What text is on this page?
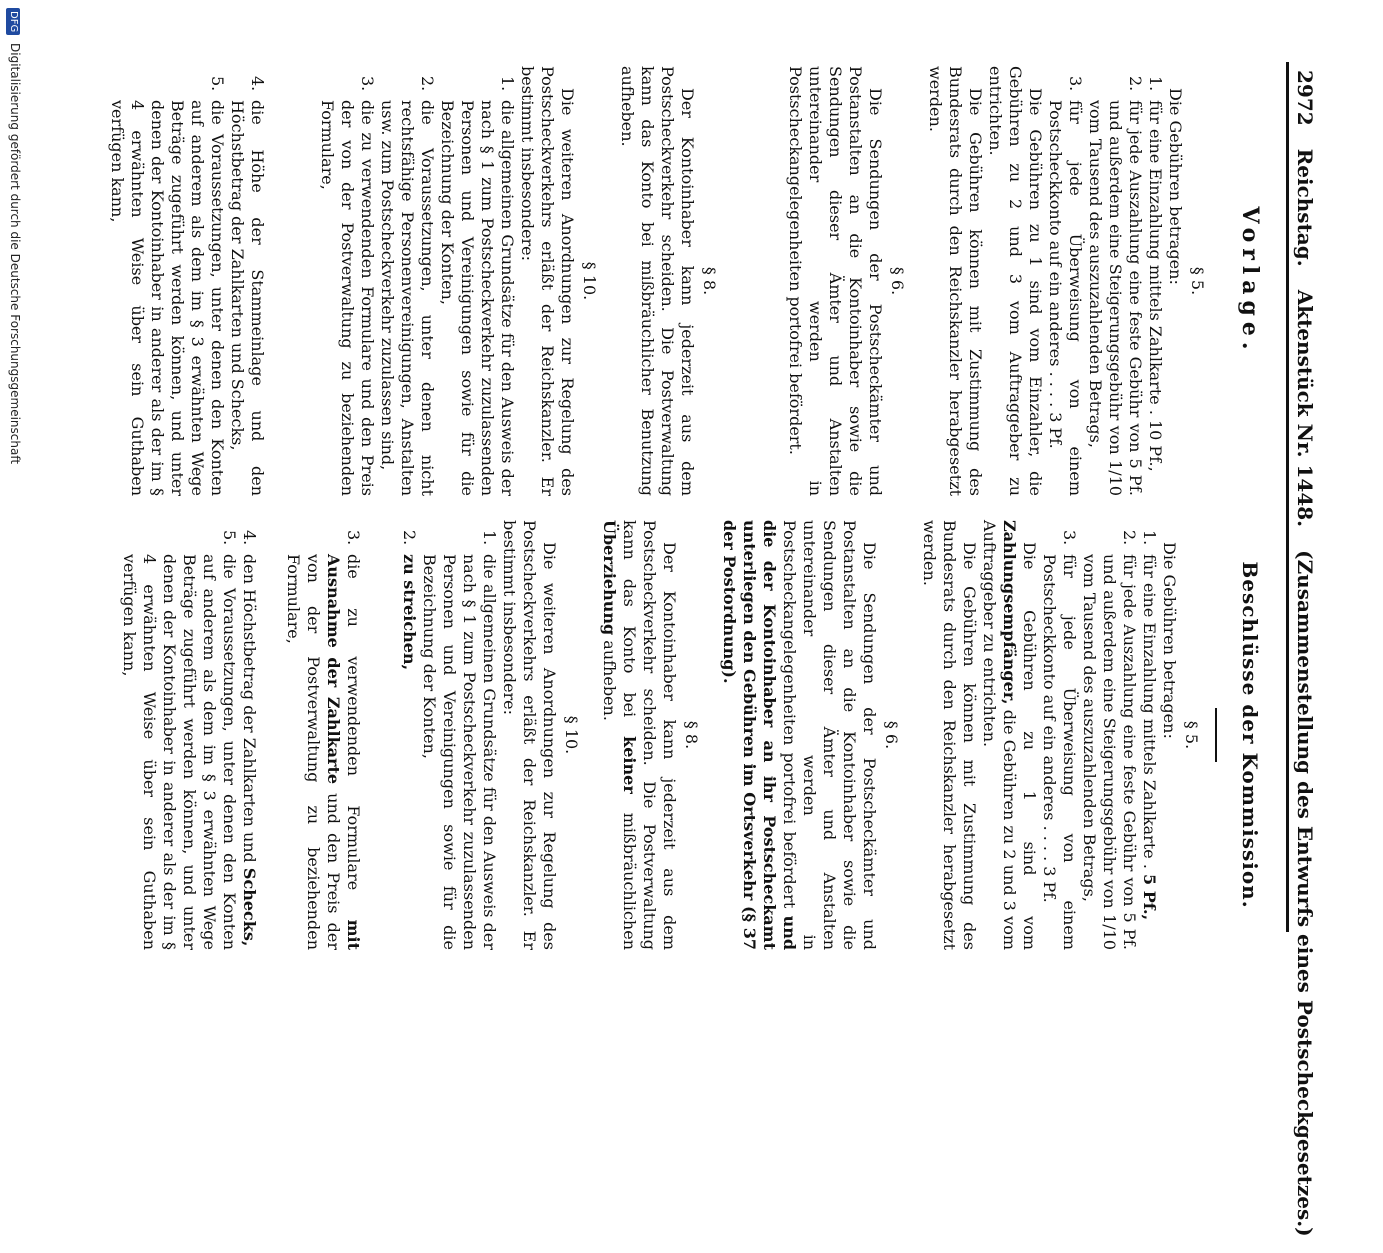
2972 Reichstag. Aktenstück Nr. 1448. (Zusammenstellung des Entwurfs eines Postscheckgesetzes.)
Vorlage.
§ 5.

Die Gebühren betragen:

1.
für eine Einzahlung mittels Zahlkarte . 10 Pf.,

2.
für jede Auszahlung eine feste Gebühr von 5 Pf. und außerdem eine Steigerungsgebühr von 1/10 vom Tausend des auszuzahlenden Betrags,

3.
für jede Überweisung von einem Postscheckkonto auf ein anderes . . . . 3 Pf.

Die Gebühren zu 1 sind vom Einzahler, die Gebühren zu 2 und 3 vom Auftraggeber zu entrichten.

Die Gebühren können mit Zustimmung des Bundesrats durch den Reichskanzler herabgesetzt werden.

§ 6.

Die Sendungen der Postscheckämter und Postanstalten an die Kontoinhaber sowie die Sendungen dieser Ämter und Anstalten untereinander werden in Postscheckangelegenheiten portofrei befördert.

§ 8.

Der Kontoinhaber kann jederzeit aus dem Postscheckverkehr scheiden. Die Postverwaltung kann das Konto bei mißbräuchlicher Benutzung aufheben.

§ 10.

Die weiteren Anordnungen zur Regelung des Postscheckverkehrs erläßt der Reichskanzler. Er bestimmt insbesondere:

1.
die allgemeinen Grundsätze für den Ausweis der nach § 1 zum Postscheckverkehr zuzulassenden Personen und Vereinigungen sowie für die Bezeichnung der Konten,

2.
die Voraussetzungen, unter denen nicht rechtsfähige Personenvereinigungen, Anstalten usw. zum Postscheckverkehr zuzulassen sind,

3.
die zu verwendenden Formulare und den Preis der von der Postverwaltung zu beziehenden Formulare,

4.
die Höhe der Stammeinlage und den Höchstbetrag der Zahlkarten und Schecks,

5.
die Voraussetzungen, unter denen den Konten auf anderem als dem im § 3 erwähnten Wege Beträge zugeführt werden können, und unter denen der Kontoinhaber in anderer als der im § 4 erwähnten Weise über sein Guthaben verfügen kann,

Beschlüsse der Kommission.
§ 5.

Die Gebühren betragen:

1.
für eine Einzahlung mittels Zahlkarte . 5 Pf.,

2.
für jede Auszahlung eine feste Gebühr von 5 Pf. und außerdem eine Steigerungsgebühr von 1/10 vom Tausend des auszuzahlenden Betrags,

3.
für jede Überweisung von einem Postscheckkonto auf ein anderes . . . . 3 Pf.

Die Gebühren zu 1 sind vom Zahlungsempfänger, die Gebühren zu 2 und 3 vom Auftraggeber zu entrichten.

Die Gebühren können mit Zustimmung des Bundesrats durch den Reichskanzler herabgesetzt werden.

§ 6.

Die Sendungen der Postscheckämter und Postanstalten an die Kontoinhaber sowie die Sendungen dieser Ämter und Anstalten untereinander werden in Postscheckangelegenheiten portofrei befördert und die der Kontoinhaber an ihr Postscheckamt unterliegen den Gebühren im Ortsverkehr (§ 37 der Postordnung).

§ 8.

Der Kontoinhaber kann jederzeit aus dem Postscheckverkehr scheiden. Die Postverwaltung kann das Konto bei keiner mißbräuchlichen Überziehung aufheben.

§ 10.

Die weiteren Anordnungen zur Regelung des Postscheckverkehrs erläßt der Reichskanzler. Er bestimmt insbesondere:

1.
die allgemeinen Grundsätze für den Ausweis der nach § 1 zum Postscheckverkehr zuzulassenden Personen und Vereinigungen sowie für die Bezeichnung der Konten,

2.
zu streichen,

3.
die zu verwendenden Formulare mit Ausnahme der Zahlkarte und den Preis der von der Postverwaltung zu beziehenden Formulare,

4.
den Höchstbetrag der Zahlkarten und Schecks,

5.
die Voraussetzungen, unter denen den Konten auf anderem als dem im § 3 erwähnten Wege Beträge zugeführt werden können, und unter denen der Kontoinhaber in anderer als der im § 4 erwähnten Weise über sein Guthaben verfügen kann,

DFG Digitalisierung gefördert durch die Deutsche Forschungsgemeinschaft
